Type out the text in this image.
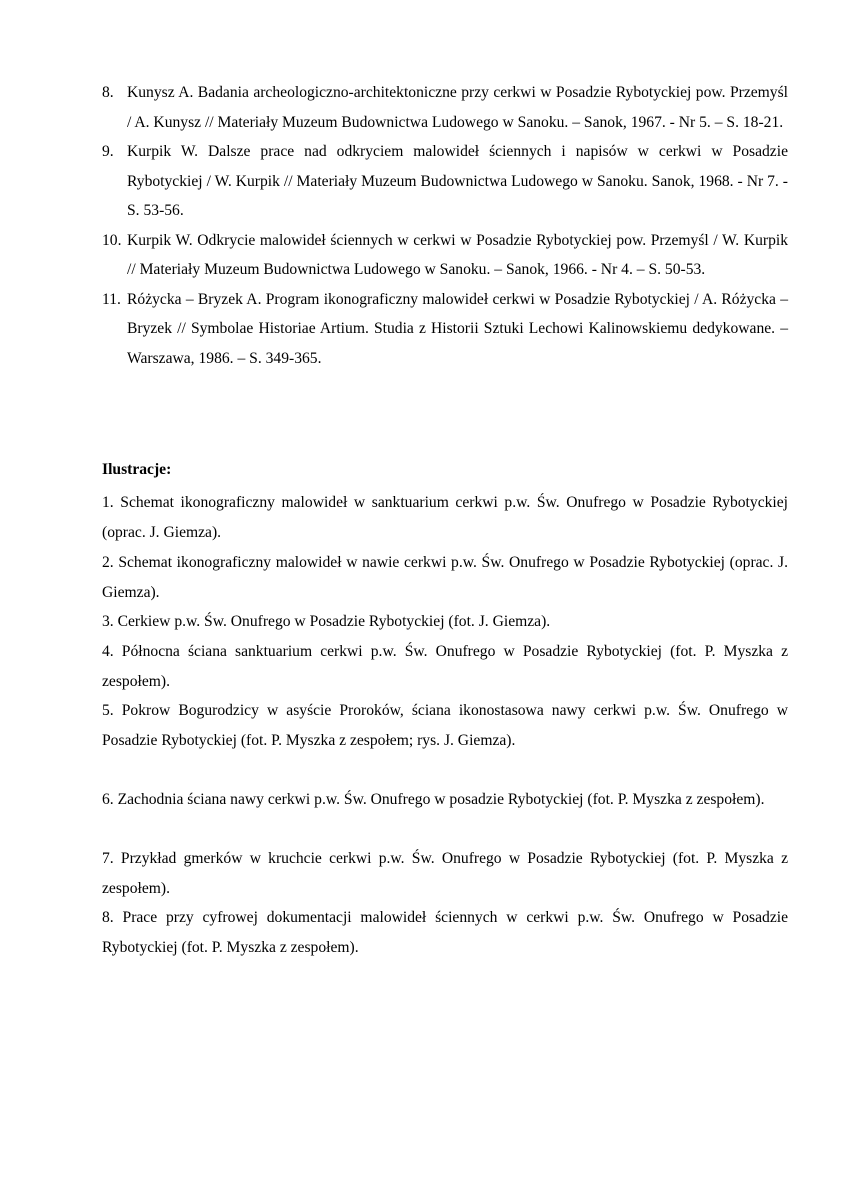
8. Kunysz A. Badania archeologiczno-architektoniczne przy cerkwi w Posadzie Rybotyckiej pow. Przemyśl / A. Kunysz // Materiały Muzeum Budownictwa Ludowego w Sanoku. – Sanok, 1967. - Nr 5. – S. 18-21.
9. Kurpik W. Dalsze prace nad odkryciem malowideł ściennych i napisów w cerkwi w Posadzie Rybotyckiej / W. Kurpik // Materiały Muzeum Budownictwa Ludowego w Sanoku. Sanok, 1968. - Nr 7. - S. 53-56.
10. Kurpik W. Odkrycie malowideł ściennych w cerkwi w Posadzie Rybotyckiej pow. Przemyśl / W. Kurpik // Materiały Muzeum Budownictwa Ludowego w Sanoku. – Sanok, 1966. - Nr 4. – S. 50-53.
11. Różycka – Bryzek A. Program ikonograficzny malowideł cerkwi w Posadzie Rybotyckiej / A. Różycka – Bryzek // Symbolae Historiae Artium. Studia z Historii Sztuki Lechowi Kalinowskiemu dedykowane. – Warszawa, 1986. – S. 349-365.
Ilustracje:

1. Schemat ikonograficzny malowideł w sanktuarium cerkwi p.w. Św. Onufrego w Posadzie Rybotyckiej (oprac. J. Giemza).

2. Schemat ikonograficzny malowideł w nawie cerkwi p.w. Św. Onufrego w Posadzie Rybotyckiej (oprac. J. Giemza).

3. Cerkiew p.w. Św. Onufrego w Posadzie Rybotyckiej (fot. J. Giemza).

4. Północna ściana sanktuarium cerkwi p.w. Św. Onufrego w Posadzie Rybotyckiej (fot. P. Myszka z zespołem).

5. Pokrow Bogurodzicy w asyście Proroków, ściana ikonostasowa nawy cerkwi p.w. Św. Onufrego w Posadzie Rybotyckiej (fot. P. Myszka z zespołem; rys. J. Giemza).

6. Zachodnia ściana nawy cerkwi p.w. Św. Onufrego w posadzie Rybotyckiej (fot. P. Myszka z zespołem).

7. Przykład gmerków w kruchcie cerkwi p.w. Św. Onufrego w Posadzie Rybotyckiej (fot. P. Myszka z zespołem).

8. Prace przy cyfrowej dokumentacji malowideł ściennych w cerkwi p.w. Św. Onufrego w Posadzie Rybotyckiej (fot. P. Myszka z zespołem).
